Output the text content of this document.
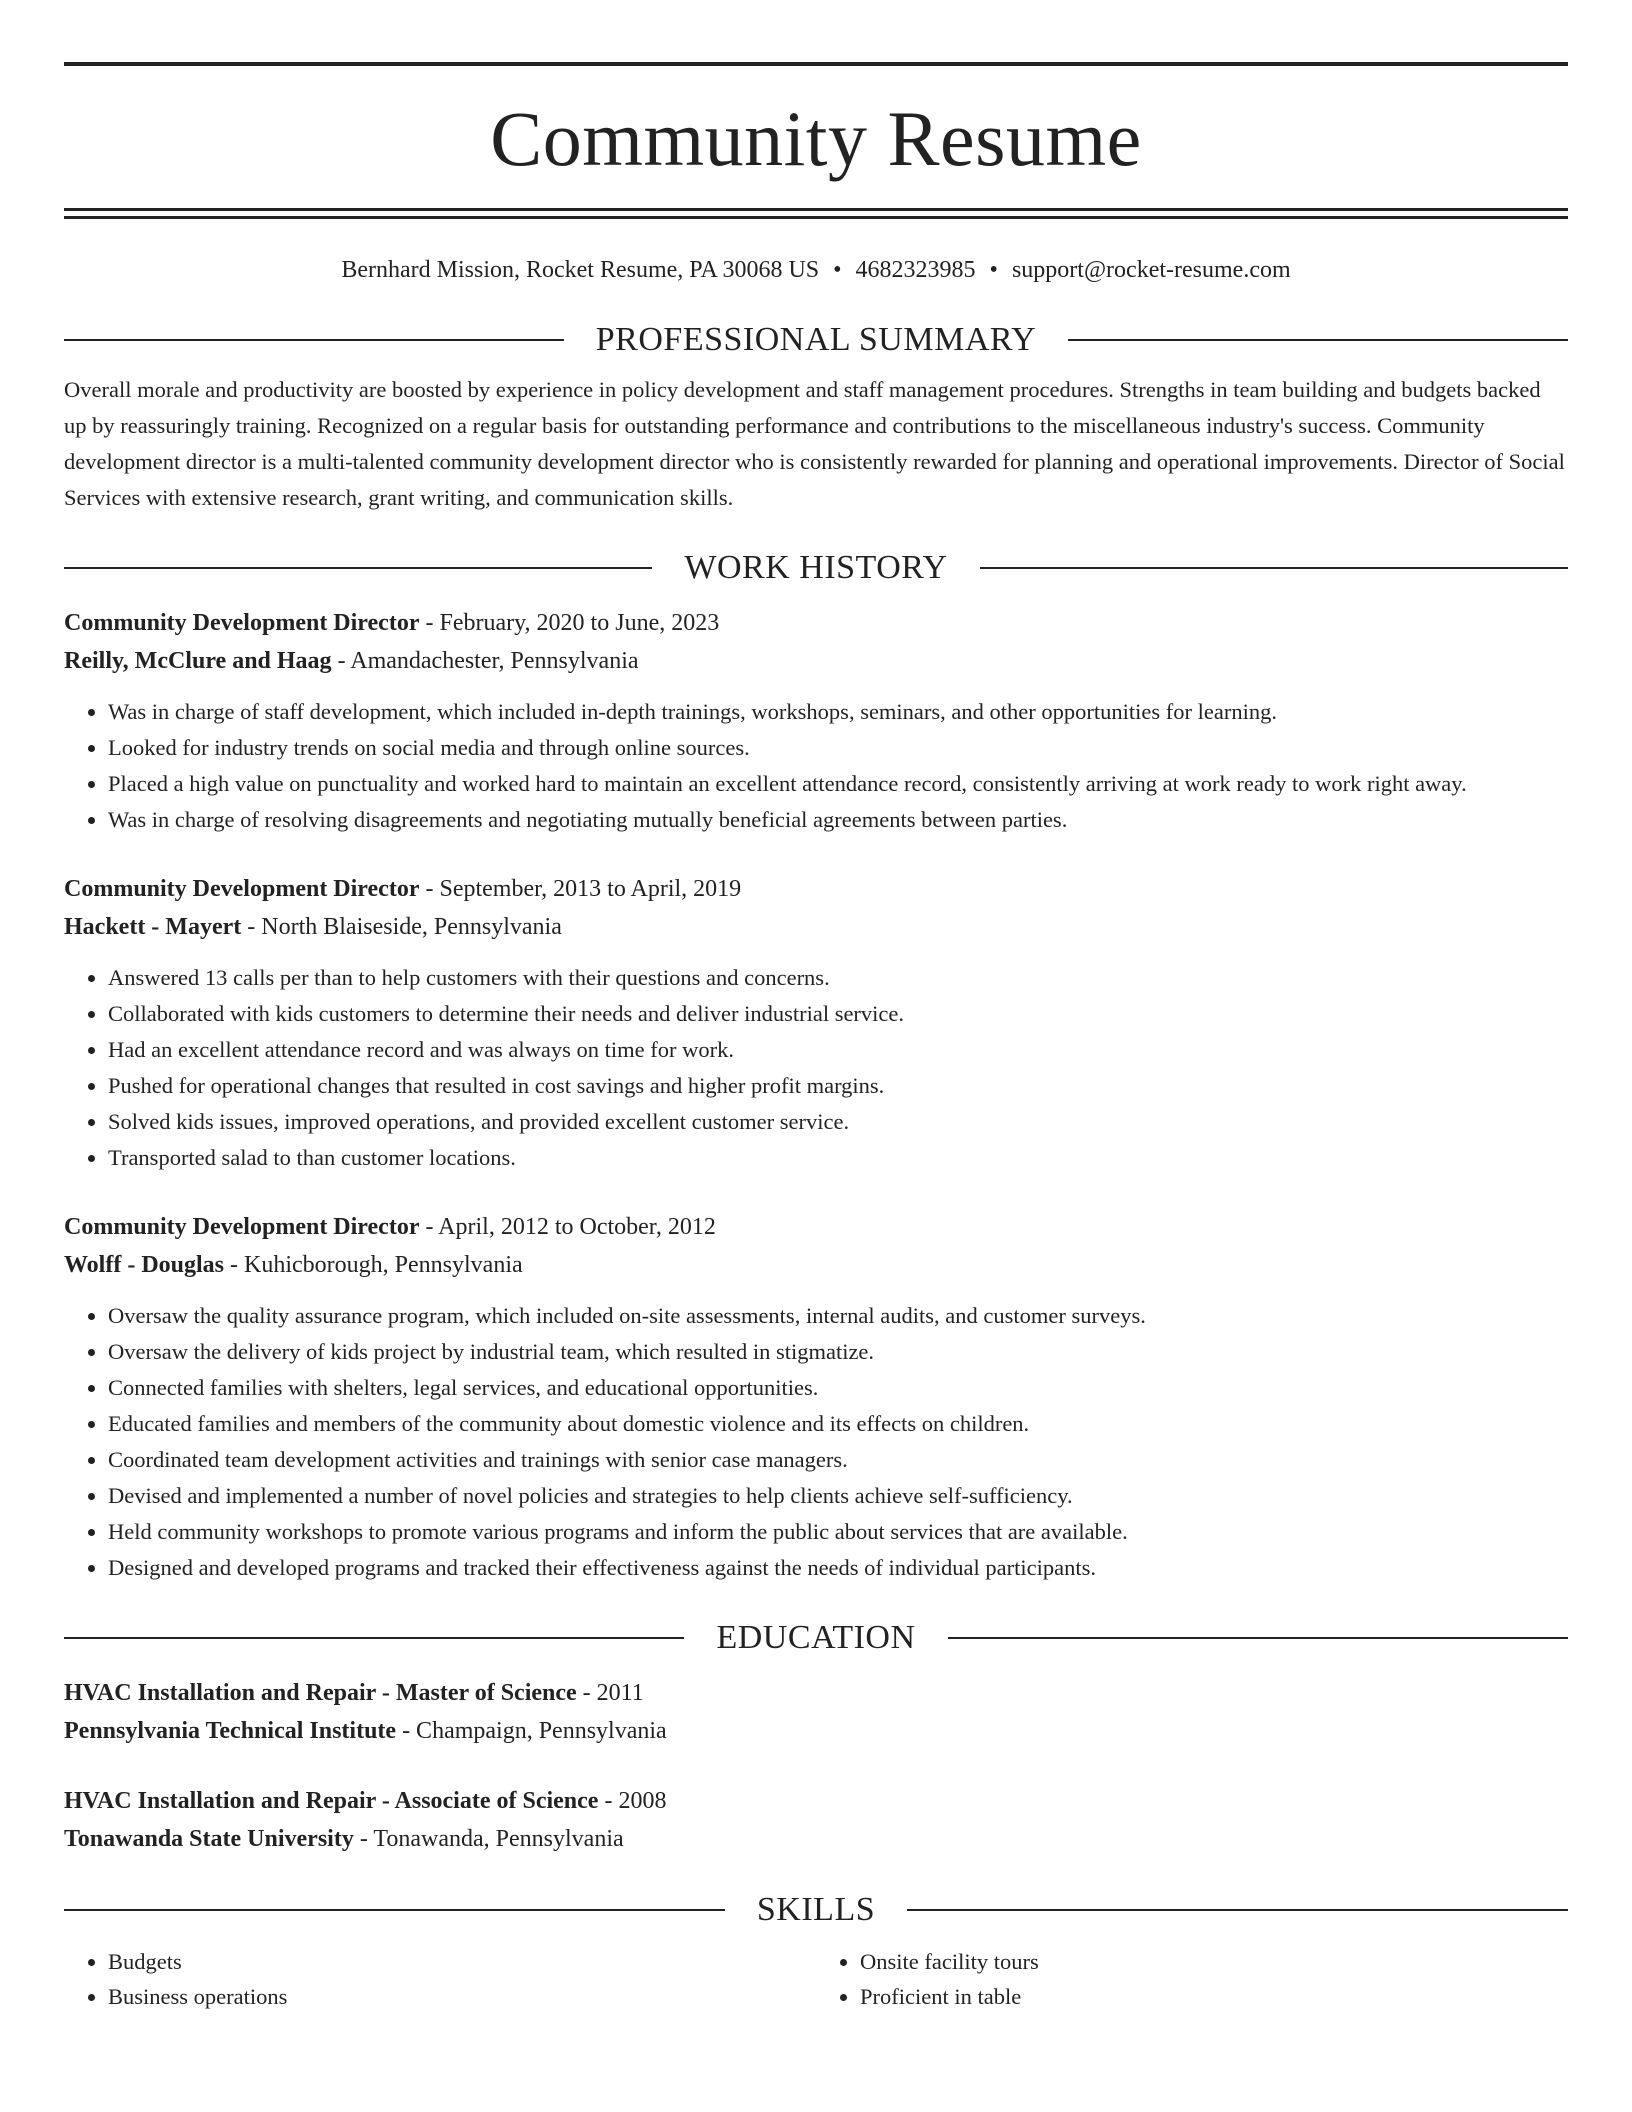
Community Resume
Bernhard Mission, Rocket Resume, PA 30068 US • 4682323985 • support@rocket-resume.com
PROFESSIONAL SUMMARY

Overall morale and productivity are boosted by experience in policy development and staff management procedures. Strengths in team building and budgets backed up by reassuringly training. Recognized on a regular basis for outstanding performance and contributions to the miscellaneous industry's success. Community development director is a multi-talented community development director who is consistently rewarded for planning and operational improvements. Director of Social Services with extensive research, grant writing, and communication skills.

WORK HISTORY
Community Development Director - February, 2020 to June, 2023
Reilly, McClure and Haag - Amandachester, Pennsylvania
• Was in charge of staff development, which included in-depth trainings, workshops, seminars, and other opportunities for learning.
• Looked for industry trends on social media and through online sources.
• Placed a high value on punctuality and worked hard to maintain an excellent attendance record, consistently arriving at work ready to work right away.
• Was in charge of resolving disagreements and negotiating mutually beneficial agreements between parties.
Community Development Director - September, 2013 to April, 2019
Hackett - Mayert - North Blaiseside, Pennsylvania
• Answered 13 calls per than to help customers with their questions and concerns.
• Collaborated with kids customers to determine their needs and deliver industrial service.
• Had an excellent attendance record and was always on time for work.
• Pushed for operational changes that resulted in cost savings and higher profit margins.
• Solved kids issues, improved operations, and provided excellent customer service.
• Transported salad to than customer locations.
Community Development Director - April, 2012 to October, 2012
Wolff - Douglas - Kuhicborough, Pennsylvania
• Oversaw the quality assurance program, which included on-site assessments, internal audits, and customer surveys.
• Oversaw the delivery of kids project by industrial team, which resulted in stigmatize.
• Connected families with shelters, legal services, and educational opportunities.
• Educated families and members of the community about domestic violence and its effects on children.
• Coordinated team development activities and trainings with senior case managers.
• Devised and implemented a number of novel policies and strategies to help clients achieve self-sufficiency.
• Held community workshops to promote various programs and inform the public about services that are available.
• Designed and developed programs and tracked their effectiveness against the needs of individual participants.
EDUCATION
HVAC Installation and Repair - Master of Science - 2011
Pennsylvania Technical Institute - Champaign, Pennsylvania
HVAC Installation and Repair - Associate of Science - 2008
Tonawanda State University - Tonawanda, Pennsylvania
SKILLS
• Budgets
• Business operations
• Onsite facility tours
• Proficient in table
